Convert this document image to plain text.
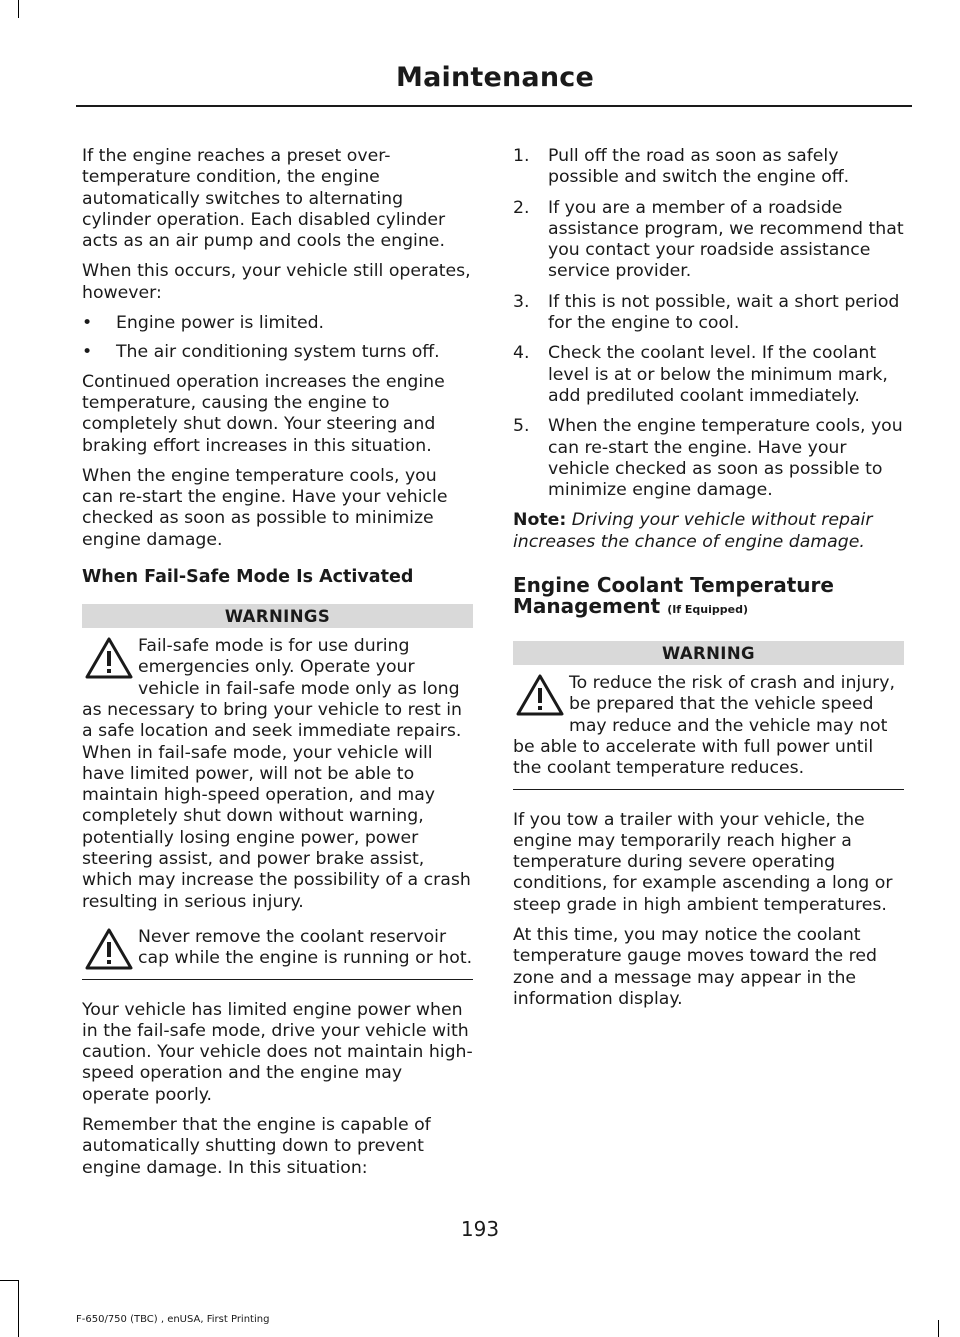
Maintenance

If the engine reaches a preset over-temperature condition, the engine automatically switches to alternating cylinder operation. Each disabled cylinder acts as an air pump and cools the engine.

When this occurs, your vehicle still operates, however:

• Engine power is limited.

• The air conditioning system turns off.

Continued operation increases the engine temperature, causing the engine to completely shut down. Your steering and braking effort increases in this situation.

When the engine temperature cools, you can re-start the engine. Have your vehicle checked as soon as possible to minimize engine damage.

When Fail-Safe Mode Is Activated
WARNINGS
Fail-safe mode is for use during emergencies only. Operate your vehicle in fail-safe mode only as long as necessary to bring your vehicle to rest in a safe location and seek immediate repairs. When in fail-safe mode, your vehicle will have limited power, will not be able to maintain high-speed operation, and may completely shut down without warning, potentially losing engine power, power steering assist, and power brake assist, which may increase the possibility of a crash resulting in serious injury.
Never remove the coolant reservoir cap while the engine is running or hot.

Your vehicle has limited engine power when in the fail-safe mode, drive your vehicle with caution. Your vehicle does not maintain high-speed operation and the engine may operate poorly.

Remember that the engine is capable of automatically shutting down to prevent engine damage. In this situation:

1. Pull off the road as soon as safely possible and switch the engine off.

2. If you are a member of a roadside assistance program, we recommend that you contact your roadside assistance service provider.

3. If this is not possible, wait a short period for the engine to cool.

4. Check the coolant level. If the coolant level is at or below the minimum mark, add prediluted coolant immediately.

5. When the engine temperature cools, you can re-start the engine. Have your vehicle checked as soon as possible to minimize engine damage.

Note: Driving your vehicle without repair increases the chance of engine damage.

Engine Coolant Temperature Management (If Equipped)
WARNING
To reduce the risk of crash and injury, be prepared that the vehicle speed may reduce and the vehicle may not be able to accelerate with full power until the coolant temperature reduces.

If you tow a trailer with your vehicle, the engine may temporarily reach higher a temperature during severe operating conditions, for example ascending a long or steep grade in high ambient temperatures.

At this time, you may notice the coolant temperature gauge moves toward the red zone and a message may appear in the information display.

193
F-650/750 (TBC) , enUSA, First Printing
